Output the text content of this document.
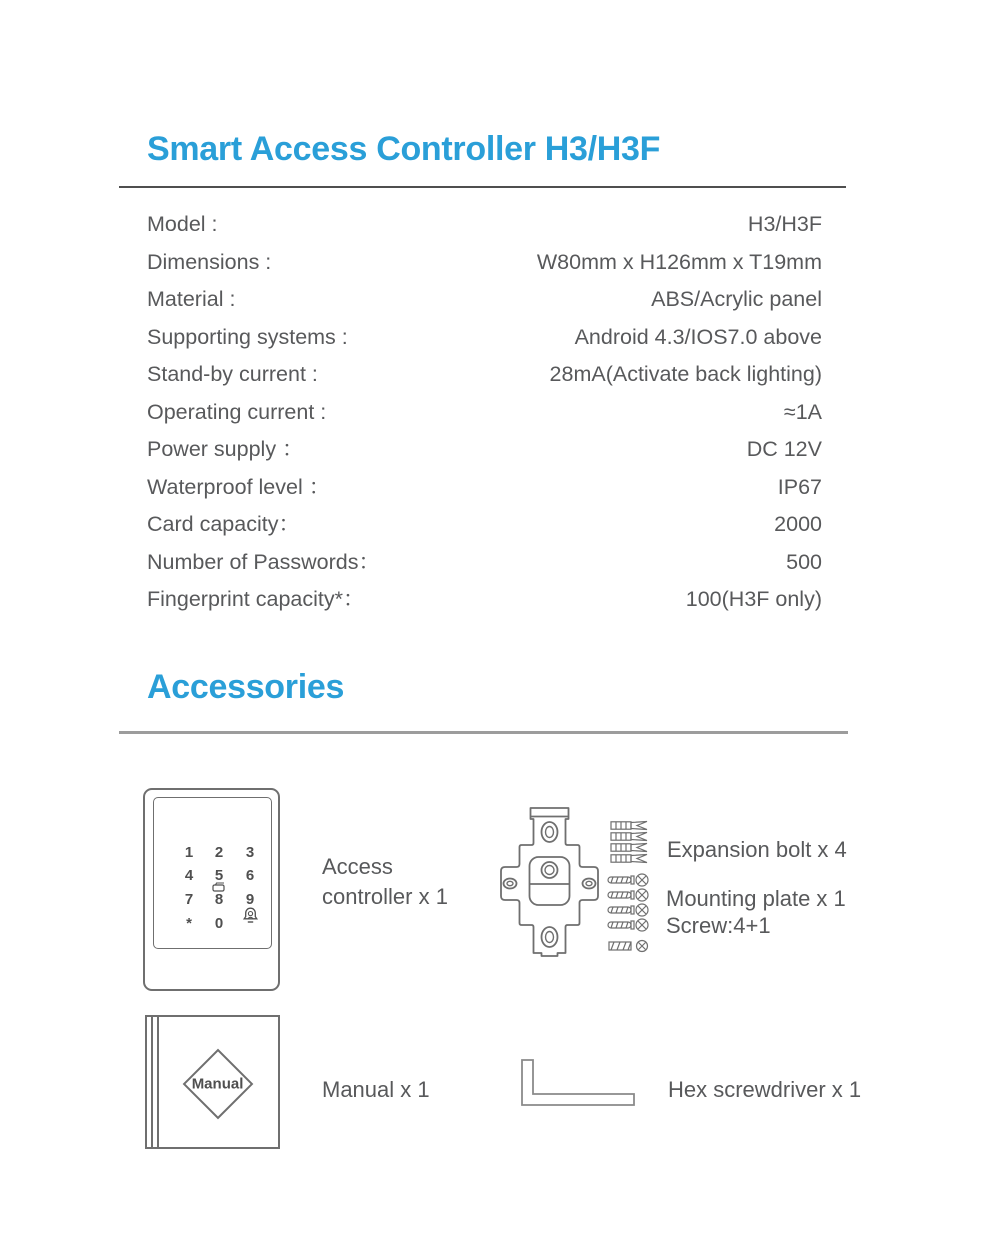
Smart Access Controller H3/H3F
Model :	H3/H3F
Dimensions :	W80mm x H126mm x T19mm
Material :	ABS/Acrylic panel
Supporting systems :	Android 4.3/IOS7.0 above
Stand-by current :	28mA(Activate back lighting)
Operating current :	≈1A
Power supply ：	DC 12V
Waterproof level ：	IP67
Card capacity：	2000
Number of Passwords：	500
Fingerprint capacity*：	100(H3F only)
Accessories
1	2	3
4	5	6
7	8	9
*	0
Access
controller x 1
Expansion bolt x 4
Mounting plate x 1
Screw:4+1
Manual	Manual x 1	Hex screwdriver x 1
